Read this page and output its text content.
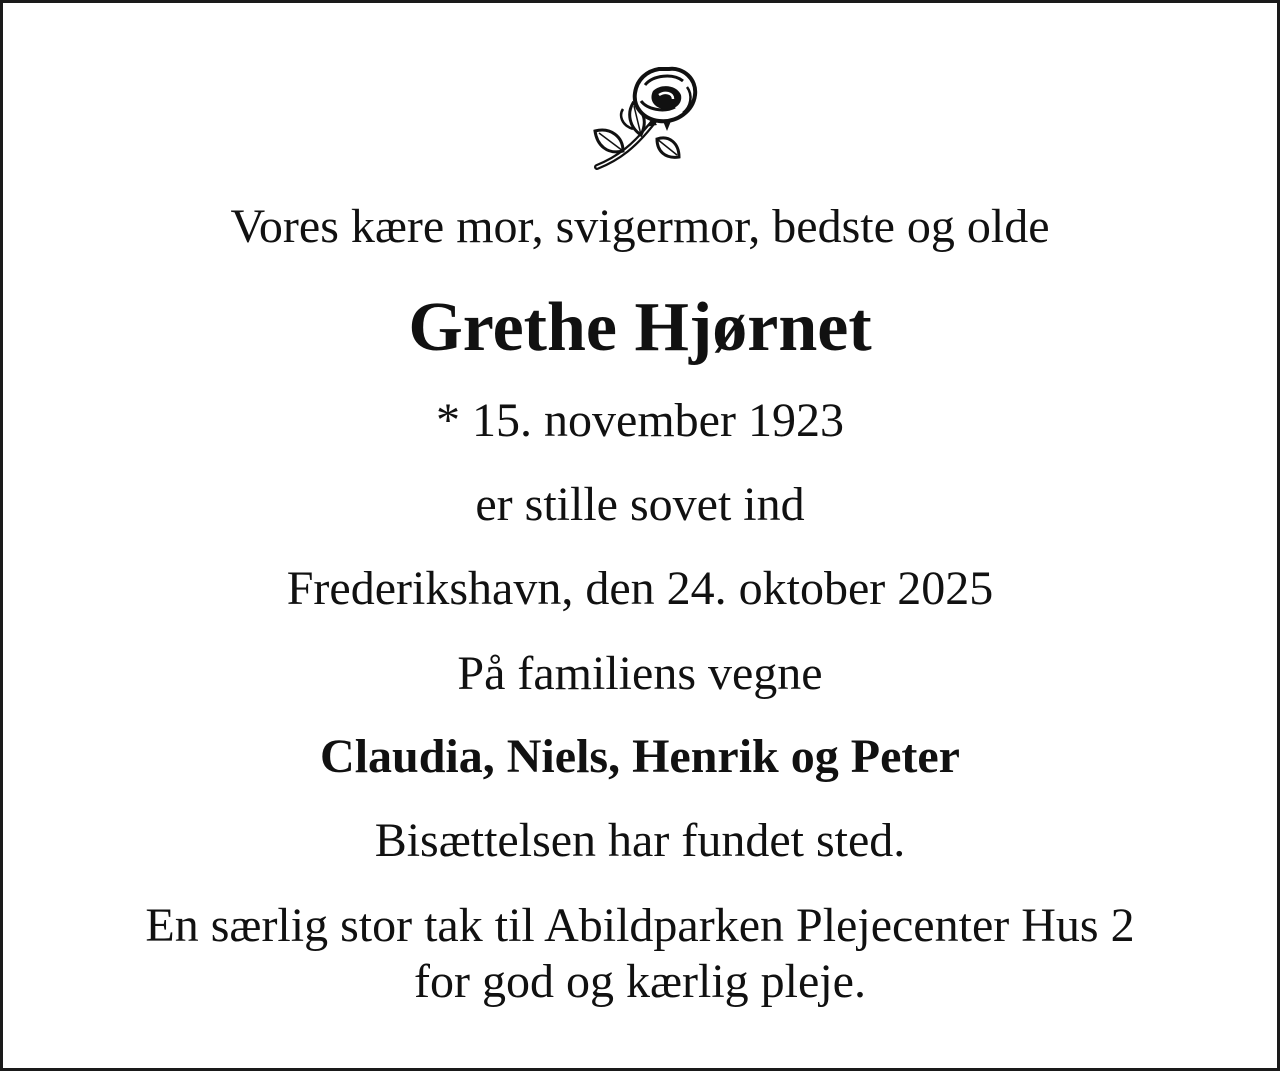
Vores kære mor, svigermor, bedste og olde
Grethe Hjørnet
* 15. november 1923
er stille sovet ind
Frederikshavn, den 24. oktober 2025
På familiens vegne
Claudia, Niels, Henrik og Peter
Bisættelsen har fundet sted.
En særlig stor tak til Abildparken Plejecenter Hus 2
for god og kærlig pleje.
